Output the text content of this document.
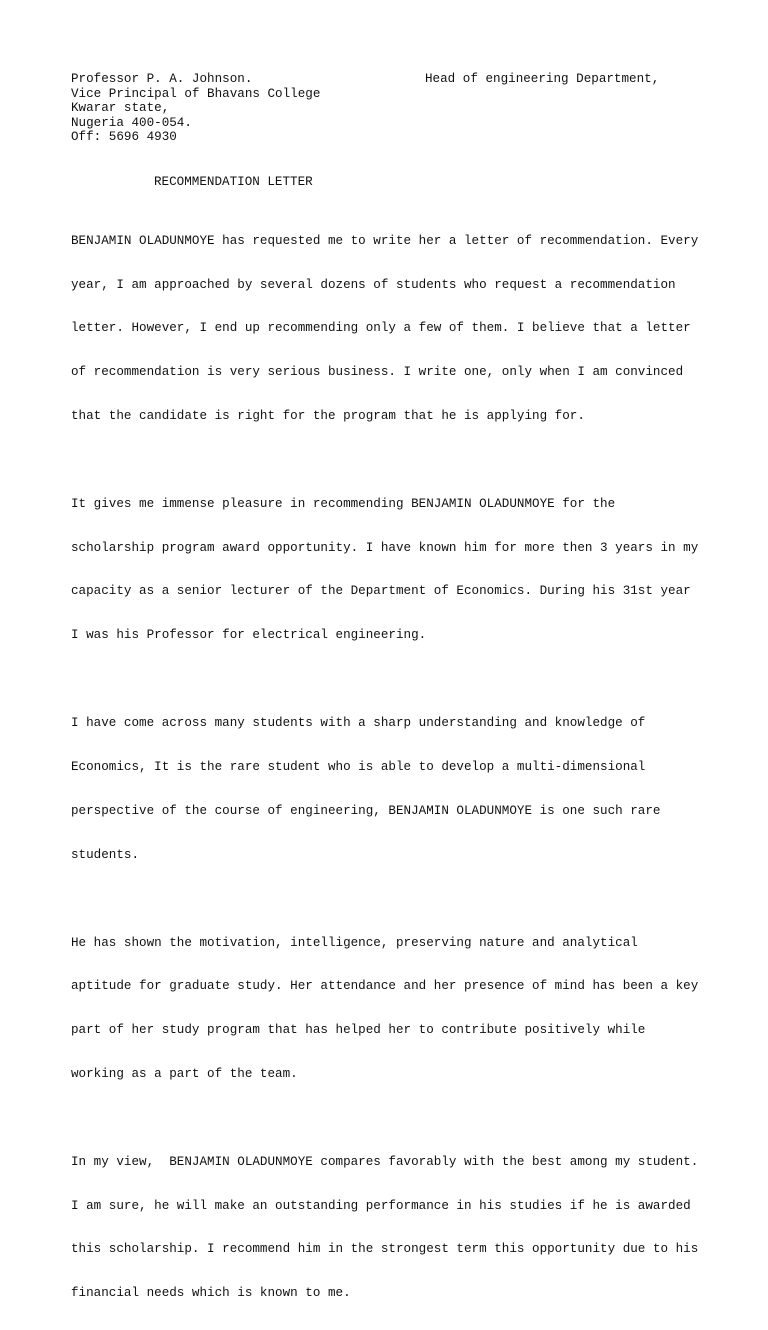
Professor P. A. Johnson.
Vice Principal of Bhavans College
Kwarar state,
Nugeria 400-054.
Off: 5696 4930
Head of engineering Department,
RECOMMENDATION LETTER

BENJAMIN OLADUNMOYE has requested me to write her a letter of recommendation. Every

year, I am approached by several dozens of students who request a recommendation

letter. However, I end up recommending only a few of them. I believe that a letter

of recommendation is very serious business. I write one, only when I am convinced

that the candidate is right for the program that he is applying for.

It gives me immense pleasure in recommending BENJAMIN OLADUNMOYE for the

scholarship program award opportunity. I have known him for more then 3 years in my

capacity as a senior lecturer of the Department of Economics. During his 31st year

I was his Professor for electrical engineering.

I have come across many students with a sharp understanding and knowledge of

Economics, It is the rare student who is able to develop a multi-dimensional

perspective of the course of engineering, BENJAMIN OLADUNMOYE is one such rare

students.

He has shown the motivation, intelligence, preserving nature and analytical

aptitude for graduate study. Her attendance and her presence of mind has been a key

part of her study program that has helped her to contribute positively while

working as a part of the team.

In my view,  BENJAMIN OLADUNMOYE compares favorably with the best among my student.

I am sure, he will make an outstanding performance in his studies if he is awarded

this scholarship. I recommend him in the strongest term this opportunity due to his

financial needs which is known to me.
